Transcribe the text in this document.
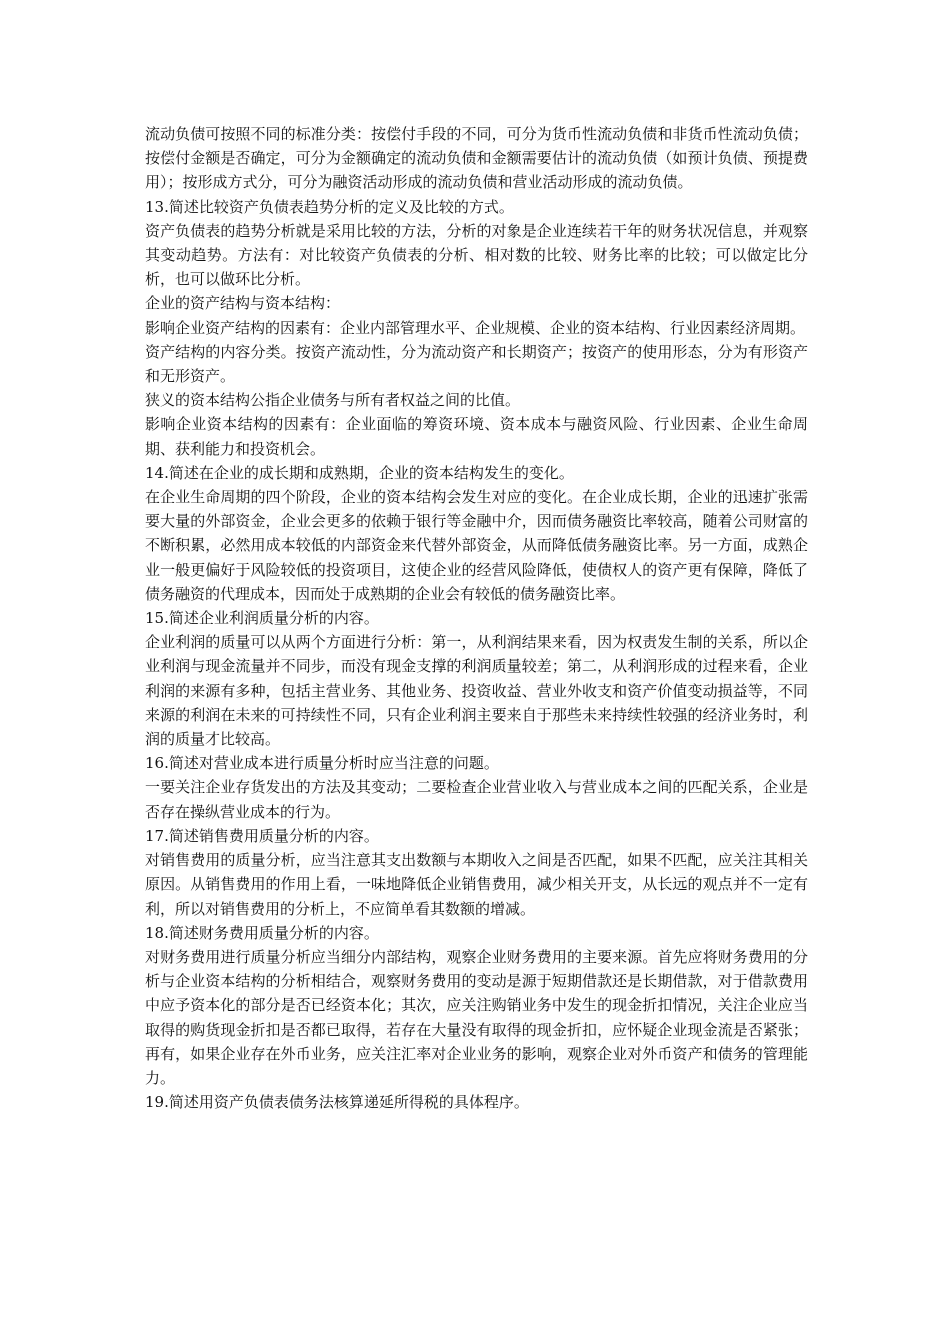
流动负债可按照不同的标准分类：按偿付手段的不同，可分为货币性流动负债和非货币性流动负债；按偿付金额是否确定，可分为金额确定的流动负债和金额需要估计的流动负债（如预计负债、预提费用）；按形成方式分，可分为融资活动形成的流动负债和营业活动形成的流动负债。

13.简述比较资产负债表趋势分析的定义及比较的方式。

资产负债表的趋势分析就是采用比较的方法，分析的对象是企业连续若干年的财务状况信息，并观察其变动趋势。方法有：对比较资产负债表的分析、相对数的比较、财务比率的比较；可以做定比分析，也可以做环比分析。

企业的资产结构与资本结构：

影响企业资产结构的因素有：企业内部管理水平、企业规模、企业的资本结构、行业因素经济周期。

资产结构的内容分类。按资产流动性，分为流动资产和长期资产；按资产的使用形态，分为有形资产和无形资产。

狭义的资本结构公指企业债务与所有者权益之间的比值。

影响企业资本结构的因素有：企业面临的筹资环境、资本成本与融资风险、行业因素、企业生命周期、获利能力和投资机会。

14.简述在企业的成长期和成熟期，企业的资本结构发生的变化。

在企业生命周期的四个阶段，企业的资本结构会发生对应的变化。在企业成长期，企业的迅速扩张需要大量的外部资金，企业会更多的依赖于银行等金融中介，因而债务融资比率较高，随着公司财富的不断积累，必然用成本较低的内部资金来代替外部资金，从而降低债务融资比率。另一方面，成熟企业一般更偏好于风险较低的投资项目，这使企业的经营风险降低，使债权人的资产更有保障，降低了债务融资的代理成本，因而处于成熟期的企业会有较低的债务融资比率。

15.简述企业利润质量分析的内容。

企业利润的质量可以从两个方面进行分析：第一，从利润结果来看，因为权责发生制的关系，所以企业利润与现金流量并不同步，而没有现金支撑的利润质量较差；第二，从利润形成的过程来看，企业利润的来源有多种，包括主营业务、其他业务、投资收益、营业外收支和资产价值变动损益等，不同来源的利润在未来的可持续性不同，只有企业利润主要来自于那些未来持续性较强的经济业务时，利润的质量才比较高。

16.简述对营业成本进行质量分析时应当注意的问题。

一要关注企业存货发出的方法及其变动；二要检查企业营业收入与营业成本之间的匹配关系，企业是否存在操纵营业成本的行为。

17.简述销售费用质量分析的内容。

对销售费用的质量分析，应当注意其支出数额与本期收入之间是否匹配，如果不匹配，应关注其相关原因。从销售费用的作用上看，一味地降低企业销售费用，减少相关开支，从长远的观点并不一定有利，所以对销售费用的分析上，不应简单看其数额的增减。

18.简述财务费用质量分析的内容。

对财务费用进行质量分析应当细分内部结构，观察企业财务费用的主要来源。首先应将财务费用的分析与企业资本结构的分析相结合，观察财务费用的变动是源于短期借款还是长期借款，对于借款费用中应予资本化的部分是否已经资本化；其次，应关注购销业务中发生的现金折扣情况，关注企业应当取得的购货现金折扣是否都已取得，若存在大量没有取得的现金折扣，应怀疑企业现金流是否紧张；再有，如果企业存在外币业务，应关注汇率对企业业务的影响，观察企业对外币资产和债务的管理能力。

19.简述用资产负债表债务法核算递延所得税的具体程序。
